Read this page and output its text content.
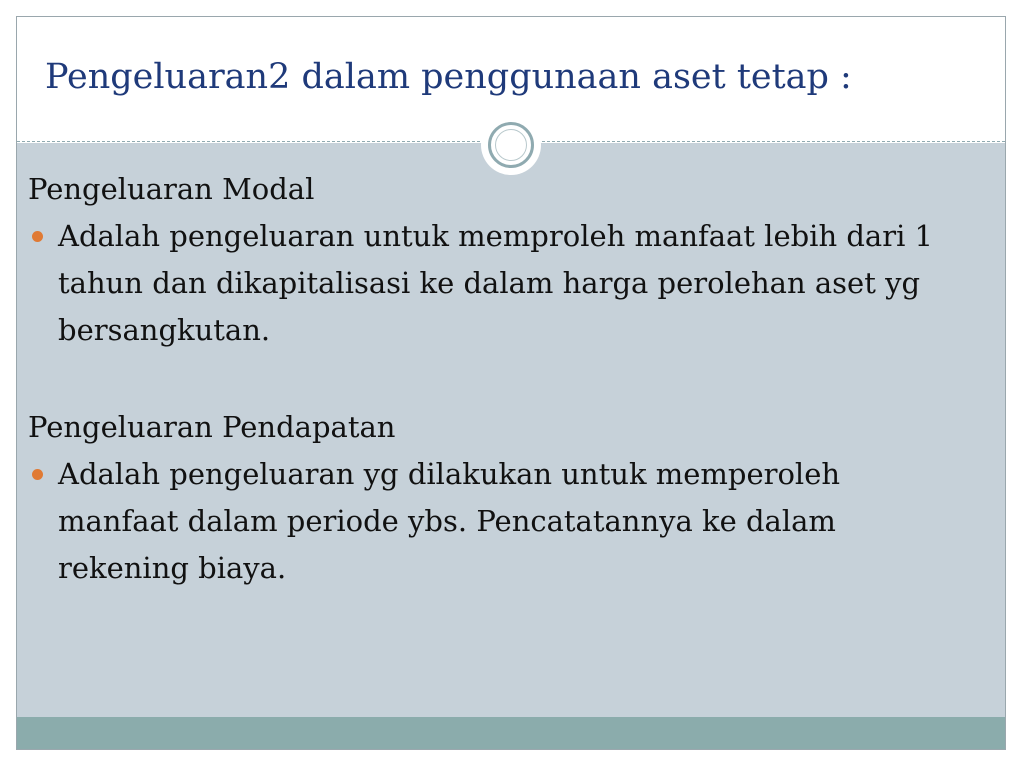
Pengeluaran2 dalam penggunaan aset tetap :

Pengeluaran Modal

Adalah pengeluaran untuk memproleh manfaat lebih dari 1 tahun dan dikapitalisasi ke dalam harga perolehan aset yg bersangkutan.

Pengeluaran Pendapatan

Adalah pengeluaran yg dilakukan untuk memperoleh manfaat dalam periode ybs. Pencatatannya ke dalam rekening biaya.
